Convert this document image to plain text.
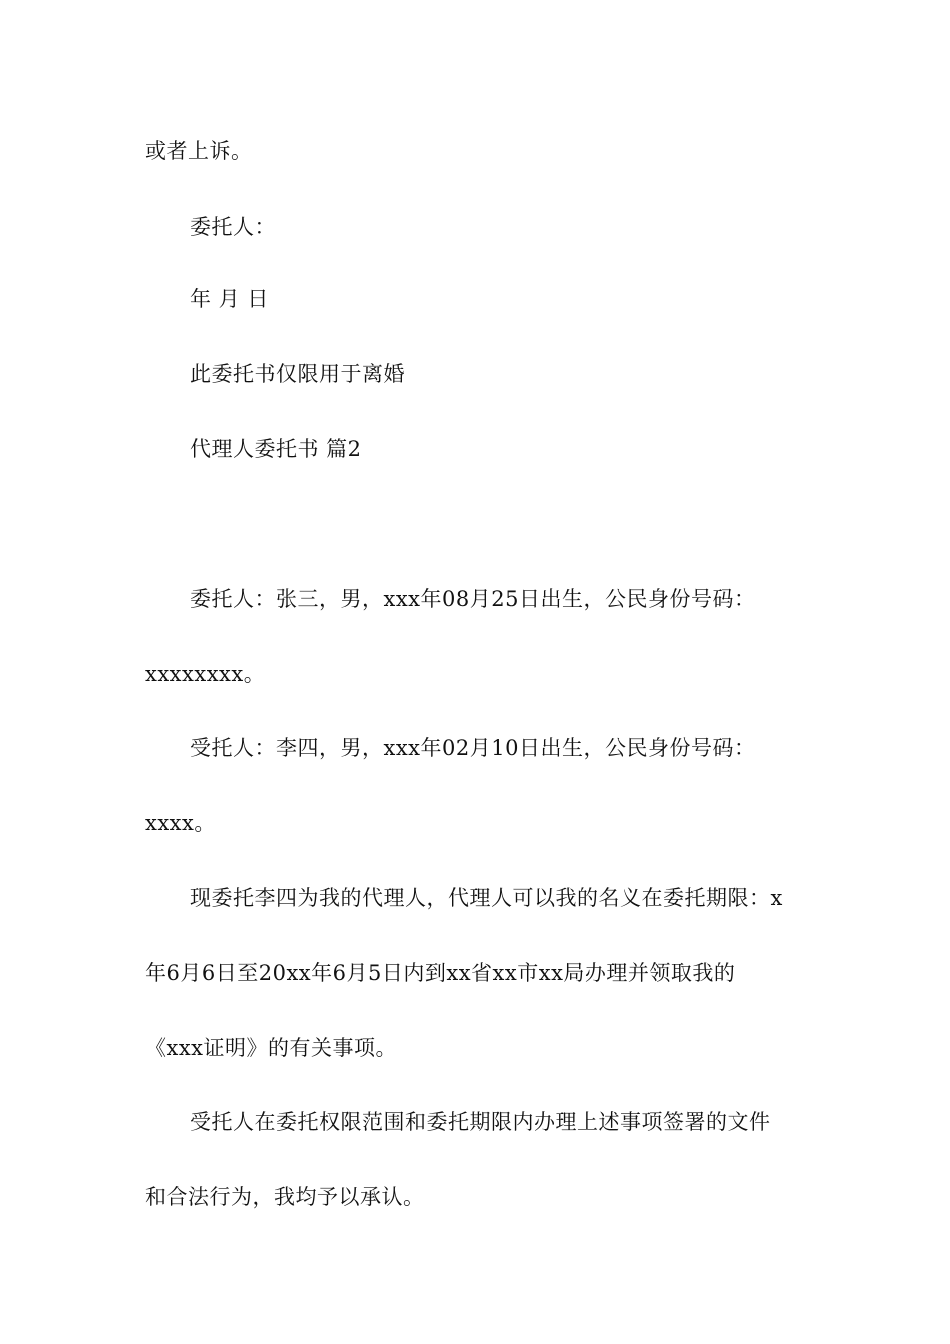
或者上诉。
委托人：
年 月 日
此委托书仅限用于离婚
代理人委托书 篇2
委托人：张三，男，xxx年08月25日出生，公民身份号码：
xxxxxxxx。
受托人：李四，男，xxx年02月10日出生，公民身份号码：
xxxx。
现委托李四为我的代理人，代理人可以我的名义在委托期限：x
年6月6日至20xx年6月5日内到xx省xx市xx局办理并领取我的
《xxx证明》的有关事项。
受托人在委托权限范围和委托期限内办理上述事项签署的文件
和合法行为，我均予以承认。
